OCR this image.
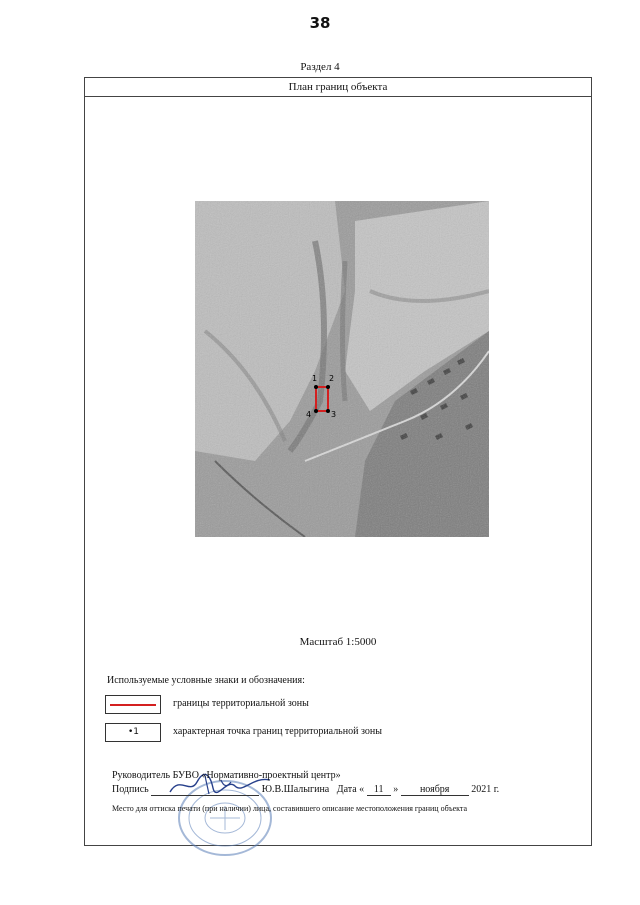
38
Раздел 4
План границ объекта
1 2
3
4
Масштаб 1:5000
Используемые условные знаки и обозначения:
границы территориальной зоны
•1	характерная точка границ территориальной зоны
Руководитель БУВО «Нормативно-проектный центр»
Подпись	Ю.В.Шалыгина Дата « 11 » ноября 2021 г.
Место для оттиска печати (при наличии) лица, составившего описание местоположения границ объекта
